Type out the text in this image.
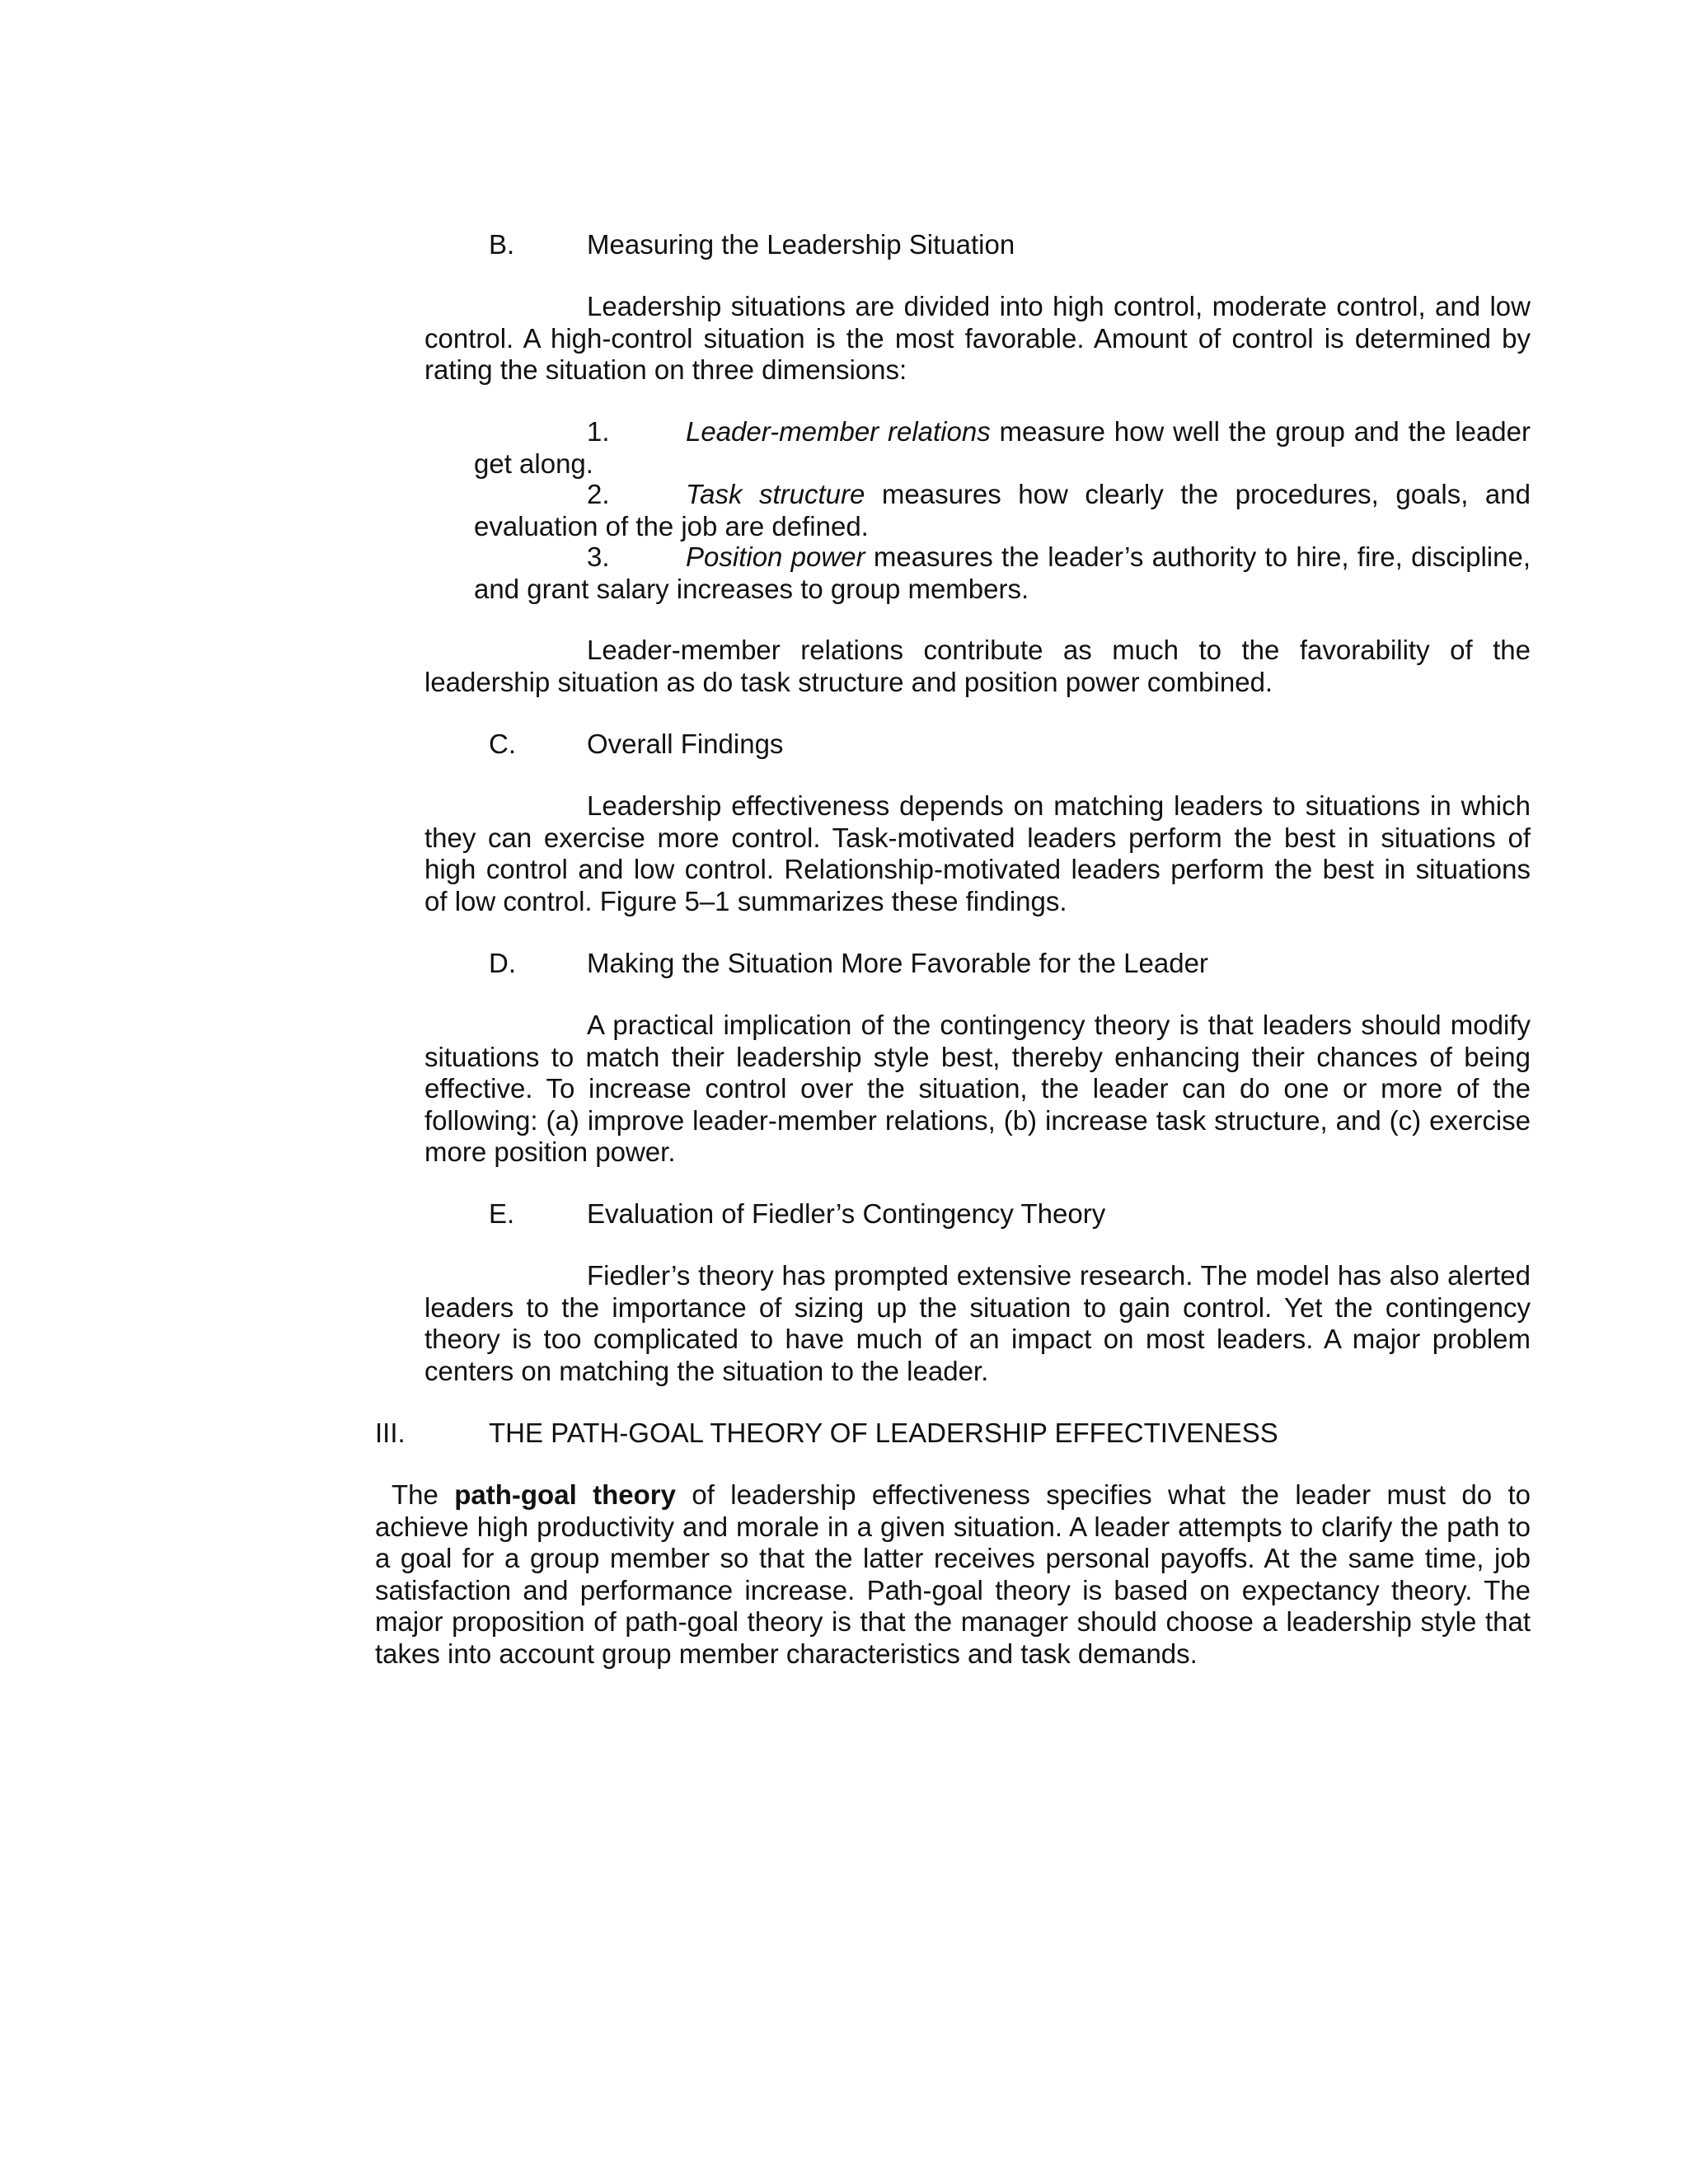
B.	Measuring the Leadership Situation

Leadership situations are divided into high control, moderate control, and low control. A high-control situation is the most favorable. Amount of control is determined by rating the situation on three dimensions:

1.	Leader-member relations measure how well the group and the leader get along.
2.	Task structure measures how clearly the procedures, goals, and evaluation of the job are defined.
3.	Position power measures the leader’s authority to hire, fire, discipline, and grant salary increases to group members.

Leader-member relations contribute as much to the favorability of the leadership situation as do task structure and position power combined.

C.	Overall Findings

Leadership effectiveness depends on matching leaders to situations in which they can exercise more control. Task-motivated leaders perform the best in situations of high control and low control. Relationship-motivated leaders perform the best in situations of low control. Figure 5–1 summarizes these findings.

D.	Making the Situation More Favorable for the Leader

A practical implication of the contingency theory is that leaders should modify situations to match their leadership style best, thereby enhancing their chances of being effective. To increase control over the situation, the leader can do one or more of the following: (a) improve leader-member relations, (b) increase task structure, and (c) exercise more position power.

E.	Evaluation of Fiedler’s Contingency Theory

Fiedler’s theory has prompted extensive research. The model has also alerted leaders to the importance of sizing up the situation to gain control. Yet the contingency theory is too complicated to have much of an impact on most leaders. A major problem centers on matching the situation to the leader.

III.	THE PATH-GOAL THEORY OF LEADERSHIP EFFECTIVENESS

The path-goal theory of leadership effectiveness specifies what the leader must do to achieve high productivity and morale in a given situation. A leader attempts to clarify the path to a goal for a group member so that the latter receives personal payoffs. At the same time, job satisfaction and performance increase. Path-goal theory is based on expectancy theory. The major proposition of path-goal theory is that the manager should choose a leadership style that takes into account group member characteristics and task demands.
